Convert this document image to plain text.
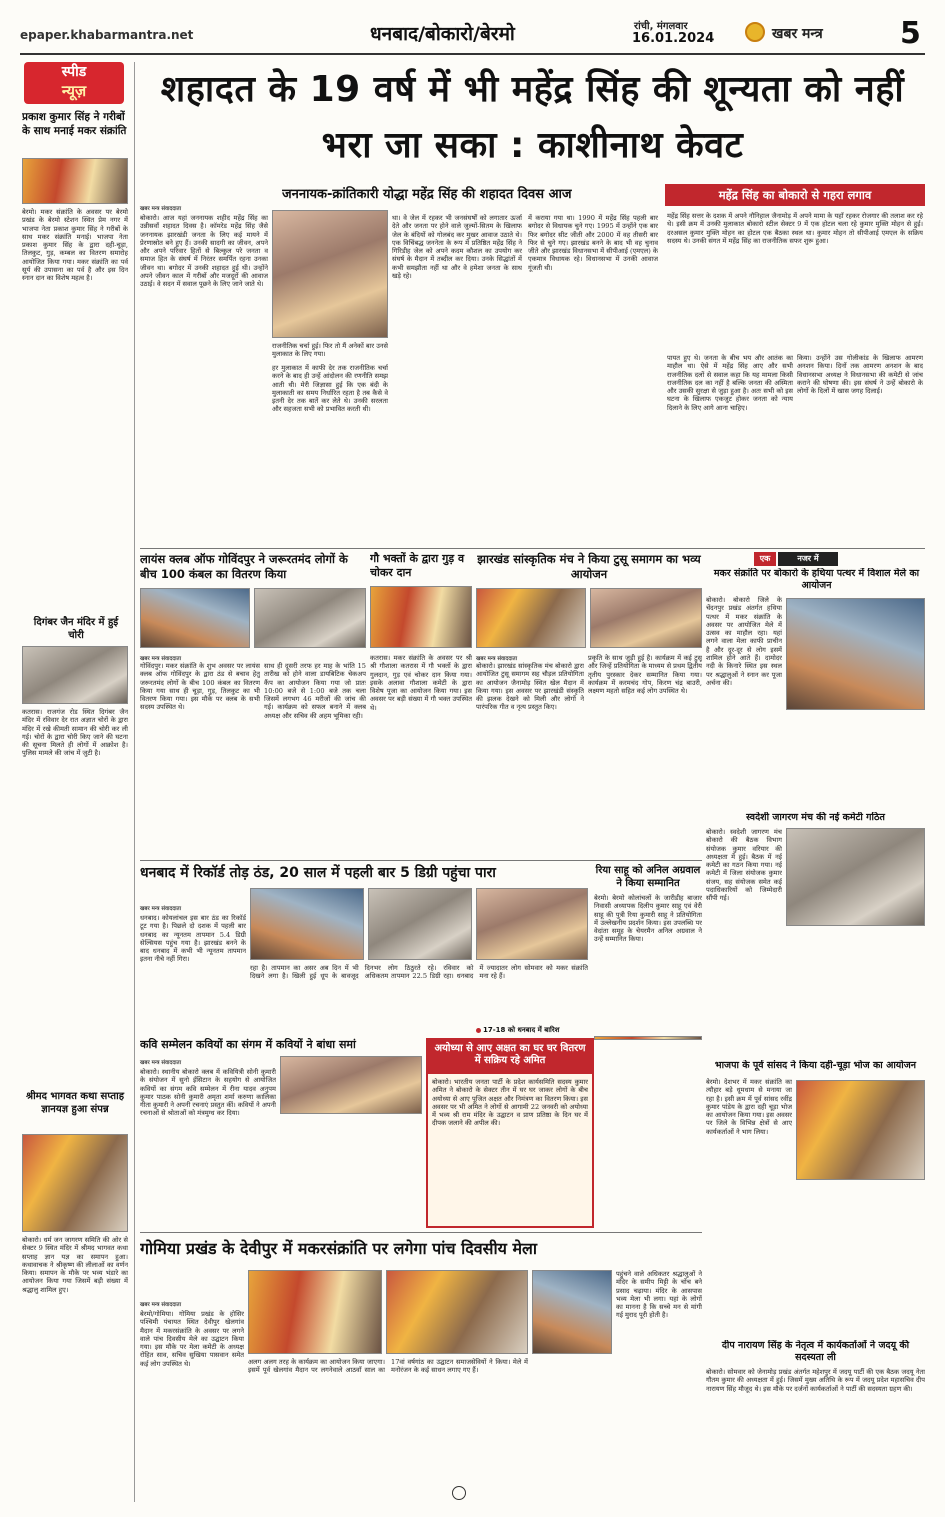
epaper.khabarmantra.net	धनबाद/बोकारो/बेरमो	रांची, मंगलवार
16.01.2024	खबर मन्त्र	5
स्पीड
न्यूज़
प्रकाश कुमार सिंह ने गरीबों के साथ मनाई मकर संक्रांति
बेरमो। मकर संक्रांति के अवसर पर बेरमो प्रखंड के बेरमो स्टेशन स्थित प्रेम नगर में भाजपा नेता प्रकाश कुमार सिंह ने गरीबों के साथ मकर संक्रांति मनाई। भाजपा नेता प्रकाश कुमार सिंह के द्वारा दही-चूड़ा, तिलकुट, गुड़, कम्बल का वितरण समारोह आयोजित किया गया। मकर संक्रांति का पर्व सूर्य की उपासना का पर्व है और इस दिन स्नान दान का विशेष महत्व है।
दिगंबर जैन मंदिर में हुई चोरी
कतरास। राजगंज रोड स्थित दिगंबर जैन मंदिर में रविवार देर रात अज्ञात चोरों के द्वारा मंदिर में रखे कीमती सामान की चोरी कर ली गई। चोरों के द्वारा चोरी किए जाने की घटना की सूचना मिलते ही लोगों में आक्रोश है। पुलिस मामले की जांच में जुटी है।
श्रीमद भागवत कथा सप्ताह ज्ञानयज्ञ हुआ संपन्न
बोकारो। धर्म जन जागरण समिति की ओर से सेक्टर 9 स्थित मंदिर में श्रीमद भागवत कथा सप्ताह ज्ञान यज्ञ का समापन हुआ। कथावाचक ने श्रीकृष्ण की लीलाओं का वर्णन किया। समापन के मौके पर भव्य भंडारे का आयोजन किया गया जिसमें बड़ी संख्या में श्रद्धालु शामिल हुए।
शहादत के 19 वर्ष में भी महेंद्र सिंह की शून्यता को नहीं भरा जा सका : काशीनाथ केवट
जननायक-क्रांतिकारी योद्धा महेंद्र सिंह की शहादत दिवस आज
खबर मन्त्र संवाददाता
बोकारो। आज यहां जननायक शहीद महेंद्र सिंह का उन्नीसवाँ शहादत दिवस है। कॉमरेड महेंद्र सिंह जैसे जननायक झारखंडी जनता के लिए कई मायने में प्रेरणास्रोत बने हुए हैं। उनकी सादगी का जीवन, अपने और अपने परिवार हितों से बिल्कुल परे जनता व समाज हित के संघर्ष में निरंतर समर्पित रहना उनका जीवन था। बगोदर में उनकी शहादत हुई थी। उन्होंने अपने जीवन काल में गरीबों और मजदूरों की आवाज उठाई। वे सदन में सवाल पूछने के लिए जाने जाते थे।
राजनीतिक चर्चा हुई। फिर तो मैं अनेकों बार उनसे मुलाकात के लिए गया।
हर मुलाकात में काफी देर तक राजनीतिक चर्चा करने के बाद ही उन्हें आंदोलन की रणनीति समझ आती थी। मेरी जिज्ञासा हुई कि एक बंदी के मुलाकाती का समय निर्धारित रहता है तब कैसे वे इतनी देर तक बातें कर लेते थे। उनकी सरलता और सहजता सभी को प्रभावित करती थी।
था। वे जेल में रहकर भी जनसंघर्षों को लगातार ऊर्जा देते और जनता पर होने वाले जुल्मों-सितम के खिलाफ जेल के बंदियों को गोलबंद कर मुखर आवाज उठाते थे। एक विचिंबद्ध जननेता के रूप में प्रतिष्ठित महेंद्र सिंह ने गिरिडीह जेल को अपने कदम कौशल का उपयोग कर संघर्ष के मैदान में तब्दील कर दिया। उनके सिद्धांतों में कभी समझौता नहीं था और वे हमेशा जनता के साथ खड़े रहे।
में कराया गया था। 1990 में महेंद्र सिंह पहली बार बगोदर से विधायक चुने गए। 1995 में उन्होंने एक बार फिर बगोदर सीट जीती और 2000 में वह तीसरी बार फिर से चुने गए। झारखंड बनने के बाद भी वह चुनाव जीते और झारखंड विधानसभा में सीपीआई (एमएल) के एकमात्र विधायक रहे। विधानसभा में उनकी आवाज गूंजती थी।
महेंद्र सिंह का बोकारो से गहरा लगाव
महेंद्र सिंह सत्तर के दशक में अपने नौनिहाल जैनामोड़ में अपने मामा के यहाँ रहकर रोजगार की तलाश कर रहे थे। इसी क्रम में उनकी मुलाकात बोकारो स्टील सेक्टर 9 में एक होटल चला रहे कुमार मुक्ति मोहन से हुई। दरअसल कुमार मुक्ति मोहन का होटल एक बैठका स्थल था। कुमार मोहन तो सीपीआई एमएल के सक्रिय सदस्य थे। उनकी संगत में महेंद्र सिंह का राजनीतिक सफर शुरू हुआ।
पायत हुए थे। जनता के बीच भय और आतंक का माहौल था। ऐसे में महेंद्र सिंह आए और सभी राजनीतिक दलों से सवाल कहा कि यह मामला किसी राजनीतिक दल का नहीं है बल्कि जनता की अस्मिता और उसकी सुरक्षा से जुड़ा हुआ है। अतः सभी को इस घटना के खिलाफ एकजुट होकर जनता को न्याय दिलाने के लिए आगे आना चाहिए।
किया। उन्होंने उस गोलीकांड के खिलाफ आमरण अनशन किया। दिनों तक आमरण अनशन के बाद विधानसभा अध्यक्ष ने विधानसभा की कमेटी से जांच कराने की घोषणा की। इस संघर्ष ने उन्हें बोकारो के लोगों के दिलों में खास जगह दिलाई।
लायंस क्लब ऑफ गोविंदपुर ने जरूरतमंद लोगों के बीच 100 कंबल का वितरण किया
खबर मन्त्र संवाददाता
गोविंदपुर। मकर संक्रांति के शुभ अवसर पर लायंस क्लब ऑफ गोविंदपुर के द्वारा ठंड से बचाव हेतु जरूरतमंद लोगों के बीच 100 कंबल का वितरण किया गया साथ ही चूड़ा, गुड़, तिलकुट का भी वितरण किया गया। इस मौके पर क्लब के सभी सदस्य उपस्थित थे।
साथ ही दूसरी तरफ हर माह के भांति 15 तारीख को होने वाला डायबिटिक चेकअप कैंप का आयोजन किया गया जो प्रातः 10:00 बजे से 1:00 बजे तक चला जिसमें लगभग 46 मरीजों की जांच की गई। कार्यक्रम को सफल बनाने में क्लब अध्यक्ष और सचिव की अहम भूमिका रही।
गौ भक्तों के द्वारा गुड़ व चोकर दान
कतरास। मकर संक्रांति के अवसर पर श्री श्री गौशाला कतरास में गौ भक्तों के द्वारा गुलदान, गुड़ एवं चोकर दान किया गया। इसके अलावा गौशाला कमेटी के द्वारा विशेष पूजा का आयोजन किया गया। इस अवसर पर बड़ी संख्या में गौ भक्त उपस्थित थे।
झारखंड सांस्कृतिक मंच ने किया टुसू समागम का भव्य आयोजन
खबर मन्त्र संवाददाता
बोकारो। झारखंड सांस्कृतिक मंच बोकारो द्वारा आयोजित टुसू समागम सह चौड़ल प्रतियोगिता का आयोजन जैनामोड़ स्थित खेल मैदान में किया गया। इस अवसर पर झारखंडी संस्कृति की झलक देखने को मिली और लोगों ने पारंपरिक गीत व नृत्य प्रस्तुत किए।
प्रकृति के साथ जुड़ी हुई है। कार्यक्रम में कई टुसू और जिन्हें प्रतियोगिता के माध्यम से प्रथम द्वितीय तृतीय पुरस्कार देकर सम्मानित किया गया। कार्यक्रम में करमचंद गोप, किरण चंद्र बाउरी, लक्ष्मण महतो सहित कई लोग उपस्थित थे।
एक	नजर में
मकर संक्रांति पर बोकारो के हथिया पत्थर में विशाल मेले का आयोजन
बोकारो। बोकारो जिले के चेंदनपुर प्रखंड अंतर्गत हथिया पत्थर में मकर संक्रांति के अवसर पर आयोजित मेले में उत्सव का माहौल रहा। यहां लगने वाला मेला काफी प्राचीन है और दूर-दूर से लोग इसमें शामिल होने आते हैं। दामोदर नदी के किनारे स्थित इस स्थल पर श्रद्धालुओं ने स्नान कर पूजा अर्चना की।
स्वदेशी जागरण मंच की नई कमेटी गठित
बोकारो। स्वदेशी जागरण मंच बोकारो की बैठक विभाग संयोजक कुमार वरियार की अध्यक्षता में हुई। बैठक में नई कमेटी का गठन किया गया। नई कमेटी में जिला संयोजक कुमार संजय, सह संयोजक समेत कई पदाधिकारियों को जिम्मेदारी सौंपी गई।
धनबाद में रिकॉर्ड तोड़ ठंड, 20 साल में पहली बार 5 डिग्री पहुंचा पारा
खबर मन्त्र संवाददाता
धनबाद। कोयलांचल इस बार ठंड का रिकॉर्ड टूट गया है। पिछले दो दशक में पहली बार धनबाद का न्यूनतम तापमान 5.4 डिग्री सेल्सियस पहुंच गया है। झारखंड बनने के बाद धनबाद में कभी भी न्यूनतम तापमान इतना नीचे नहीं गिरा।
रहा है। तापमान का असर अब दिन में भी दिखने लगा है। खिली हुई धूप के बावजूद दिनभर लोग ठिठुरते रहे। रविवार को अधिकतम तापमान 22.5 डिग्री रहा। धनबाद में ज्यादातर लोग सोमवार को मकर संक्रांति मना रहे हैं।
17-18 को धनबाद में बारिश
रिया साहू को अनिल अग्रवाल ने किया सम्मानित
बेरमो। बेरमो कोलांचलों के जारीडीह बाजार निवासी अध्यापक दिलीप कुमार साहू एवं वेरी साहू की पुत्री रिया कुमारी साहू ने प्रतियोगिता में उल्लेखनीय प्रदर्शन किया। इस उपलब्धि पर वेदांता समूह के चेयरमैन अनिल अग्रवाल ने उन्हें सम्मानित किया।
कवि सम्मेलन कवियों का संगम में कवियों ने बांधा समां
खबर मन्त्र संवाददाता
बोकारो। स्थानीय बोकारो क्लब में कवियित्री सोनी कुमारी के संयोजन में सुनो ईसिटान के सहयोग से आयोजित कवियों का संगम कवि सम्मेलन में रीना यादव अनुपम कुमार पाठक सोनी कुमारी अमृता शर्मा करुणा कालिका गीता कुमारी ने अपनी रचनाएं प्रस्तुत कीं। कवियों ने अपनी रचनाओं से श्रोताओं को मंत्रमुग्ध कर दिया।
अयोध्या से आए अक्षत का घर घर वितरण में सक्रिय रहे अमित
बोकारो। भारतीय जनता पार्टी के प्रदेश कार्यसमिति सदस्य कुमार अमित ने बोकारो के सेक्टर तीन में घर घर जाकर लोगों के बीच अयोध्या से आए पूजित अक्षत और निमंत्रण का वितरण किया। इस अवसर पर भी अमित ने लोगों से आगामी 22 जनवरी को अयोध्या में भव्य श्री राम मंदिर के उद्घाटन व प्राण प्रतिष्ठा के दिन घर में दीपक जलाने की अपील की।
भाजपा के पूर्व सांसद ने किया दही-चूड़ा भोज का आयोजन
बेरमो। देशभर में मकर संक्रांति का त्यौहार बड़े धूमधाम से मनाया जा रहा है। इसी क्रम में पूर्व सांसद रवींद्र कुमार पांडेय के द्वारा दही चूड़ा भोज का आयोजन किया गया। इस अवसर पर जिले के विभिन्न क्षेत्रों से आए कार्यकर्ताओं ने भाग लिया।
गोमिया प्रखंड के देवीपुर में मकरसंक्रांति पर लगेगा पांच दिवसीय मेला
खबर मन्त्र संवाददाता
बेरमो/गोमिया। गोमिया प्रखंड के होसिर पश्चिमी पंचायत स्थित देवीपुर खेलगांव मैदान में मकरसंक्रांति के अवसर पर लगने वाले पांच दिवसीय मेले का उद्घाटन किया गया। इस मौके पर मेला कमेटी के अध्यक्ष रोहित साव, सचिव सुखिया पासवान समेत कई लोग उपस्थित थे।	अलग अलग तरह के कार्यक्रम का आयोजन किया जाएगा। इसमें पूर्व खेलगांव मैदान पर लगनेवाले आठवाँ साल का 17वां वर्षगांठ का उद्घाटन समाजसेवियों ने किया। मेले में मनोरंजन के कई साधन लगाए गए हैं।
पहुंचने वाले अधिकतर श्रद्धालुओं ने मंदिर के समीप मिट्टी के चोंच बने प्रसाद चढ़ाया। मंदिर के आसपास भव्य मेला भी लगा। यहां के लोगों का मानना है कि सच्चे मन से मांगी गई मुराद पूरी होती है।
दीप नारायण सिंह के नेतृत्व में कार्यकर्ताओं ने जदयू की सदस्यता ली
बोकारो। सोमवार को जेनामोड़ प्रखंड अंतर्गत महेशपुर में जदयू पार्टी की एक बैठक जदयू नेता गौतम कुमार की अध्यक्षता में हुई। जिसमें मुख्य अतिथि के रूप में जदयू प्रदेश महासचिव दीप नारायण सिंह मौजूद थे। इस मौके पर दर्जनों कार्यकर्ताओं ने पार्टी की सदस्यता ग्रहण की।
